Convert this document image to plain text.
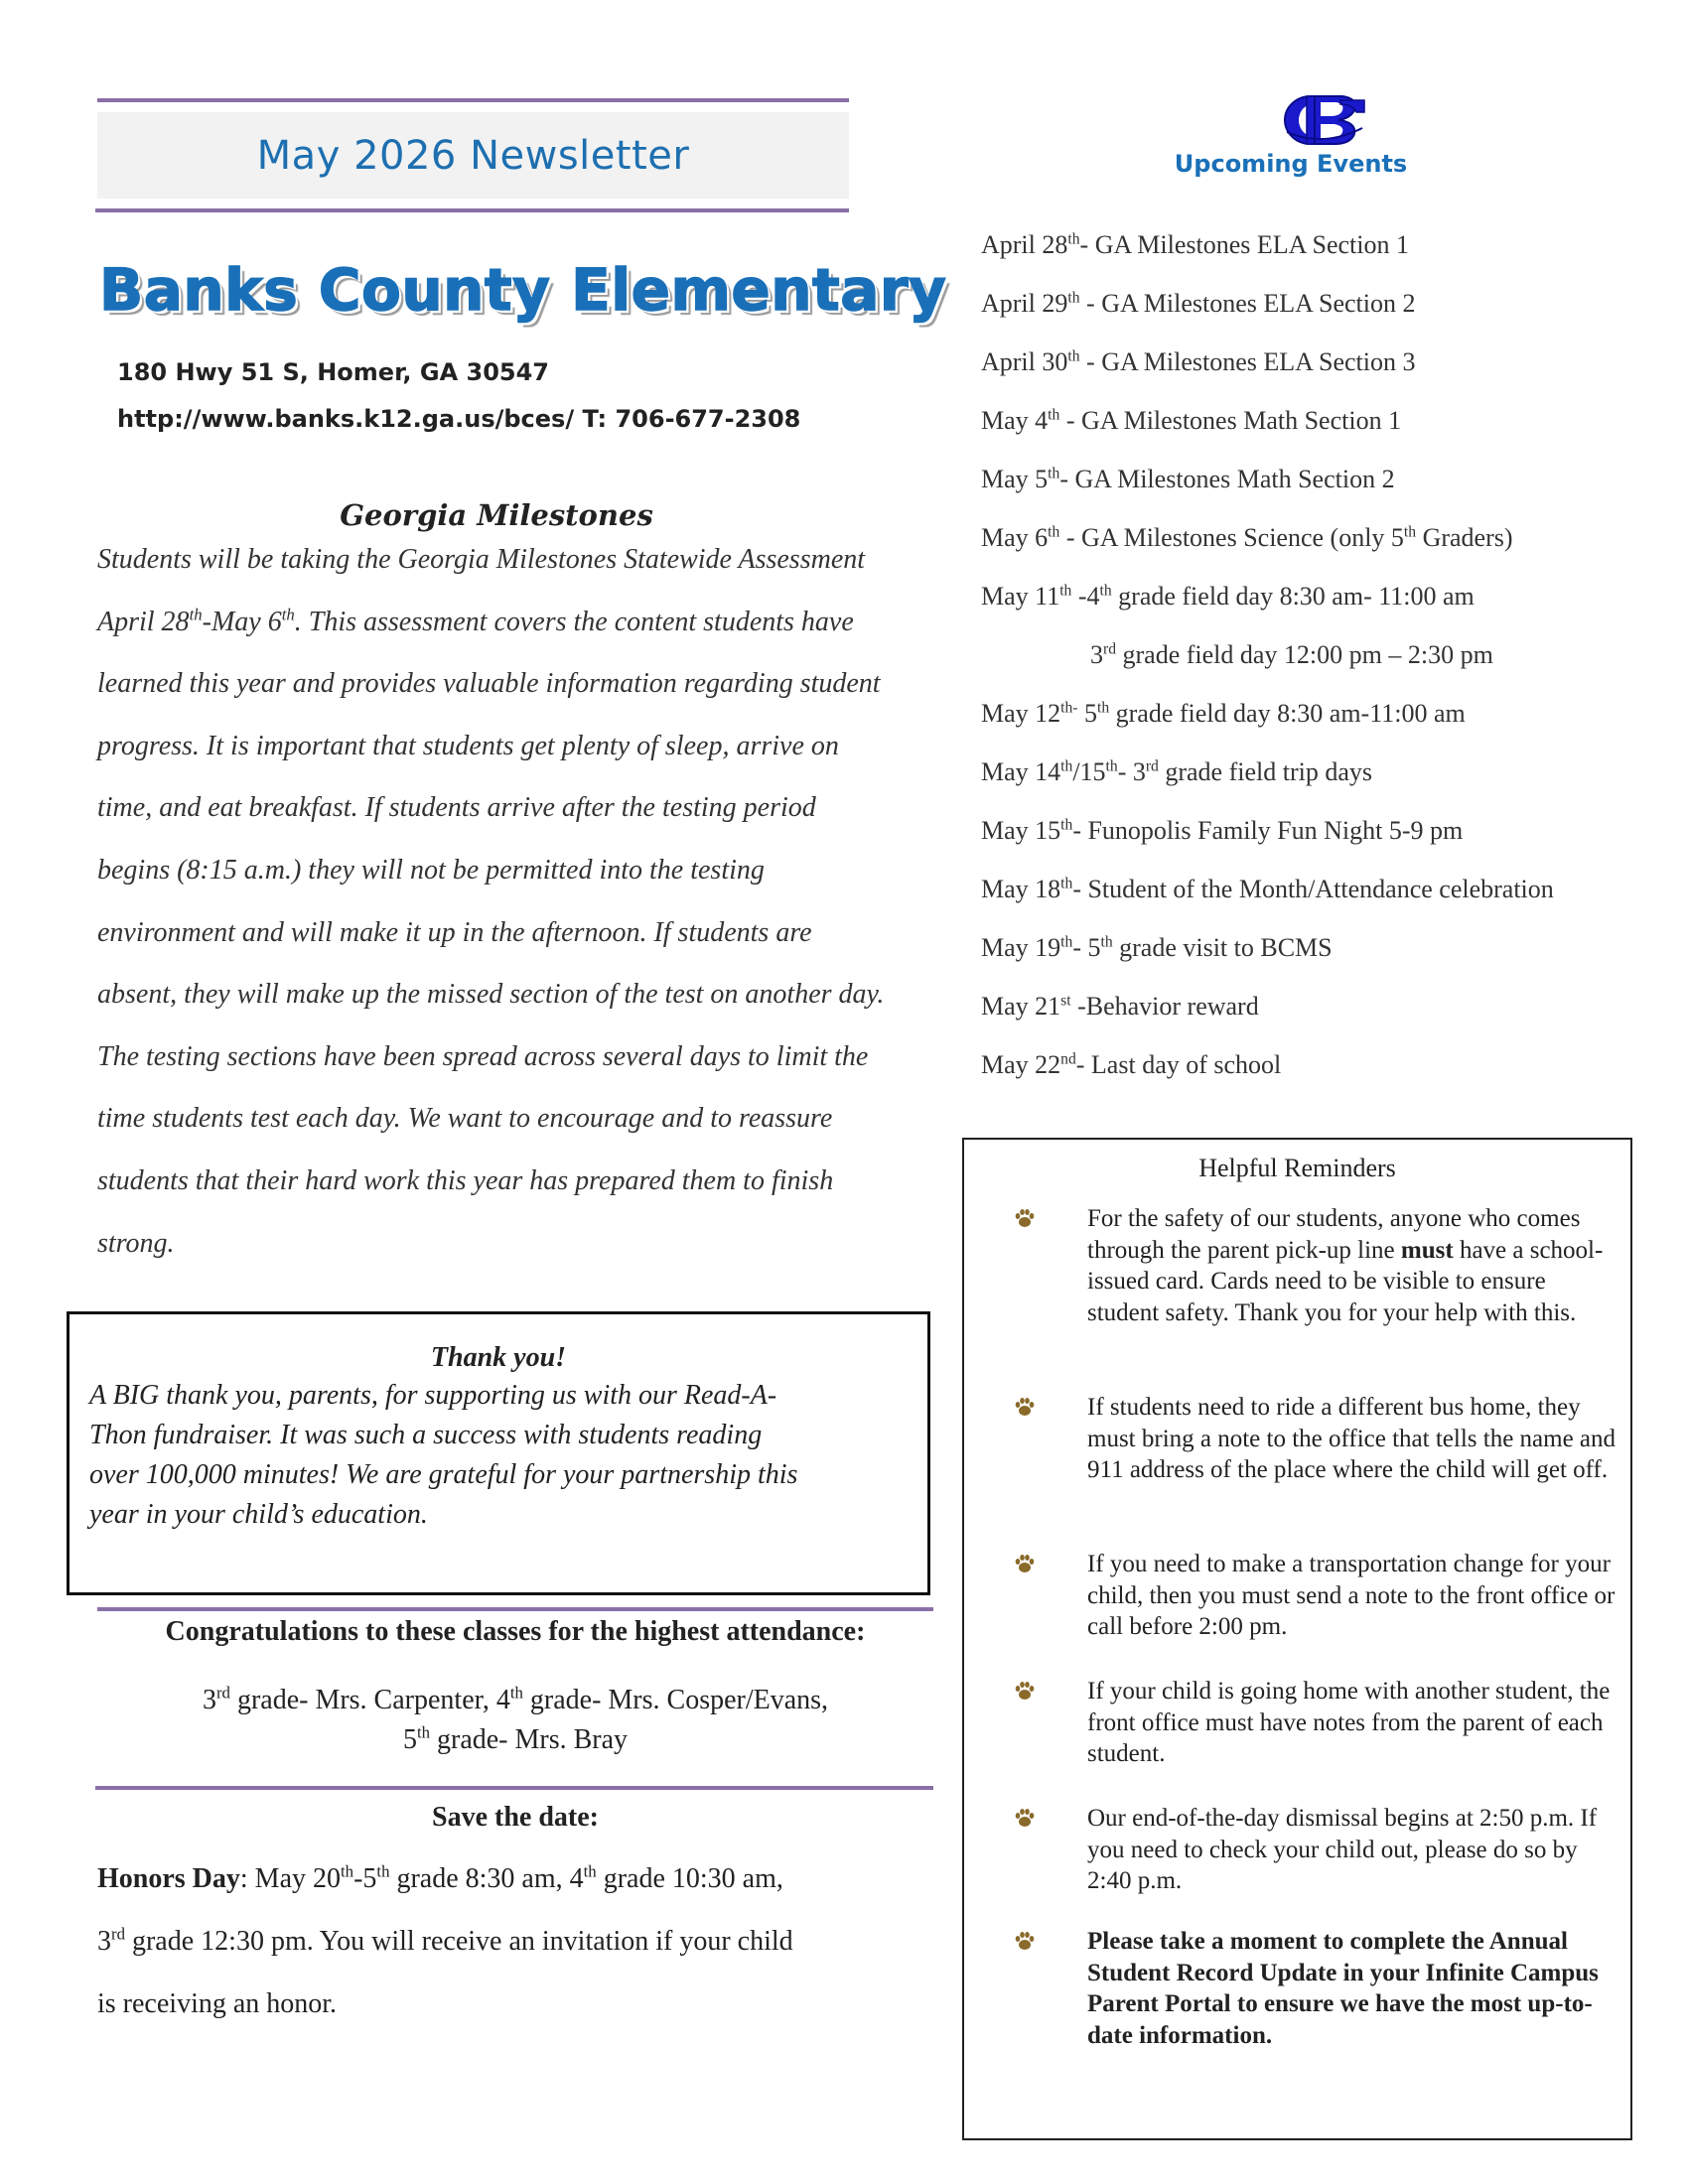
May 2026 Newsletter
Banks County Elementary
180 Hwy 51 S, Homer, GA 30547
http://www.banks.k12.ga.us/bces/ T: 706-677-2308
Georgia Milestones
Students will be taking the Georgia Milestones Statewide Assessment
April 28th-May 6th. This assessment covers the content students have
learned this year and provides valuable information regarding student
progress. It is important that students get plenty of sleep, arrive on
time, and eat breakfast. If students arrive after the testing period
begins (8:15 a.m.) they will not be permitted into the testing
environment and will make it up in the afternoon. If students are
absent, they will make up the missed section of the test on another day.
The testing sections have been spread across several days to limit the
time students test each day. We want to encourage and to reassure
students that their hard work this year has prepared them to finish
strong.
Thank you!
A BIG thank you, parents, for supporting us with our Read-A-
Thon fundraiser. It was such a success with students reading
over 100,000 minutes! We are grateful for your partnership this
year in your child’s education.
Congratulations to these classes for the highest attendance:
3rd grade- Mrs. Carpenter, 4th grade- Mrs. Cosper/Evans,
5th grade- Mrs. Bray
Save the date:
Honors Day: May 20th-5th grade 8:30 am, 4th grade 10:30 am,
3rd grade 12:30 pm. You will receive an invitation if your child
is receiving an honor.
Upcoming Events
April 28th- GA Milestones ELA Section 1
April 29th - GA Milestones ELA Section 2
April 30th - GA Milestones ELA Section 3
May 4th - GA Milestones Math Section 1
May 5th- GA Milestones Math Section 2
May 6th - GA Milestones Science (only 5th Graders)
May 11th -4th grade field day 8:30 am- 11:00 am
3rd grade field day 12:00 pm – 2:30 pm
May $12^{th-}$ 5th grade field day 8:30 am-11:00 am
May 14th/15th- 3rd grade field trip days
May 15th- Funopolis Family Fun Night 5-9 pm
May 18th- Student of the Month/Attendance celebration
May 19th- 5th grade visit to BCMS
May 21st -Behavior reward
May 22nd- Last day of school
Helpful Reminders
For the safety of our students, anyone who comes through the parent pick-up line must have a school-issued card. Cards need to be visible to ensure student safety. Thank you for your help with this.
If students need to ride a different bus home, they must bring a note to the office that tells the name and 911 address of the place where the child will get off.
If you need to make a transportation change for your child, then you must send a note to the front office or call before 2:00 pm.
If your child is going home with another student, the front office must have notes from the parent of each student.
Our end-of-the-day dismissal begins at 2:50 p.m. If you need to check your child out, please do so by 2:40 p.m.
Please take a moment to complete the Annual Student Record Update in your Infinite Campus Parent Portal to ensure we have the most up-to-date information.
